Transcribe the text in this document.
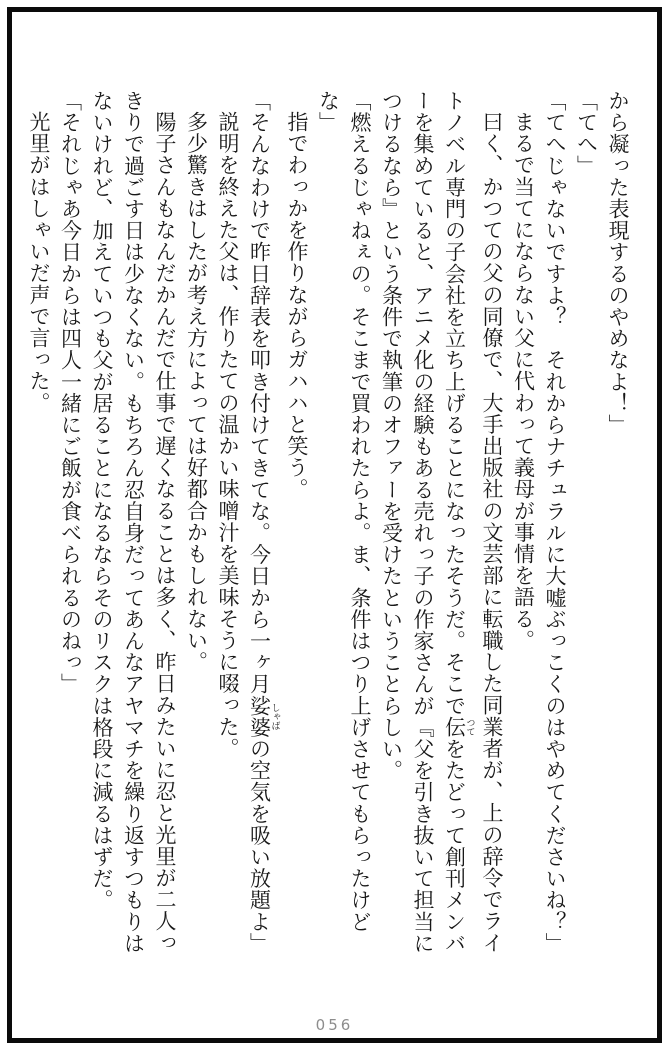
から凝った表現するのやめなよ！」
「てへ」
「てへじゃないですよ？　それからナチュラルに大嘘ぶっこくのはやめてくださいね？」
まるで当てにならない父に代わって義母が事情を語る。
曰く、かつての父の同僚で、大手出版社の文芸部に転職した同業者が、上の辞令でライ
トノベル専門の子会社を立ち上げることになったそうだ。そこで伝 つてをたどって創刊メンバ
ーを集めていると、アニメ化の経験もある売れっ子の作家さんが『父を引き抜いて担当に
つけるなら』という条件で執筆のオファーを受けたということらしい。
「燃えるじゃねぇの。そこまで買われたらよ。ま、条件はつり上げさせてもらったけどな」
指でわっかを作りながらガハハと笑う。
「そんなわけで昨日辞表を叩き付けてきてな。今日から一ヶ月娑婆 しゃばの空気を吸い放題よ」
説明を終えた父は、作りたての温かい味噌汁を美味そうに啜った。
多少驚きはしたが考え方によっては好都合かもしれない。
陽子さんもなんだかんだで仕事で遅くなることは多く、昨日みたいに忍と光里が二人っ
きりで過ごす日は少なくない。もちろん忍自身だってあんなアヤマチを繰り返すつもりは
ないけれど、加えていつも父が居ることになるならそのリスクは格段に減るはずだ。
「それじゃあ今日からは四人一緒にご飯が食べられるのねっ」
光里がはしゃいだ声で言った。
056
